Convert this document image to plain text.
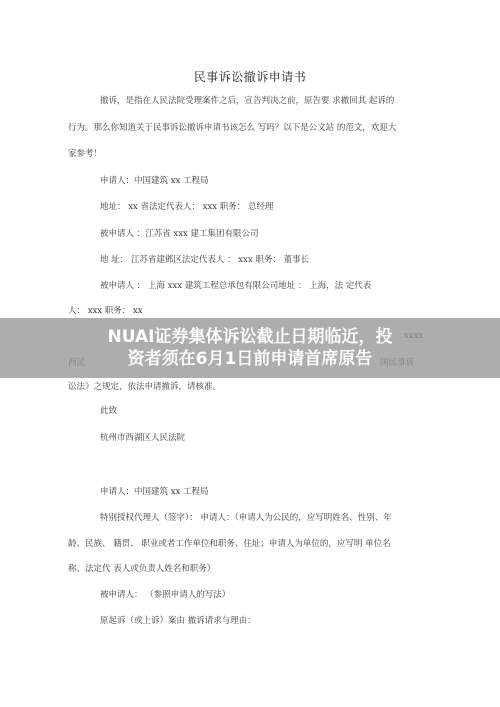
民事诉讼撤诉申请书
撤诉，是指在人民法院受理案件之后，宣告判决之前，原告要 求撤回其 起诉的
行为。那么你知道关于民事诉讼撤诉申请书该怎么 写吗？以下是公文站 的范文，欢迎大
家参考！
申请人：中国建筑 xx 工程局
地址： xx 省法定代表人： xxx 职务： 总经理
被申请人 ：江苏省 xxx 建工集团有限公司
地 址： 江苏省建邺区法定代表人 ： xxx 职务： 董事长
被申请人 ： 上海 xxx 建筑工程总承包有限公司地址 ： 上海，法 定代表
人： xxx 职务： xx
讼法》之规定，依法申请撤诉，请核准。
此致
杭州市西湖区人民法院
申请人：中国建筑 xx 工程局
特别授权代理人（签字）： 申请人：（申请人为公民的，应写明姓名、性别、年
龄、民族、 籍贯、 职业或者工作单位和职务、住址；申请人为单位的，应写明 单位名
称、法定代 表人或负责人姓名和职务）
被申请人： （参照申请人的写法）
原起诉（或上诉）案由 撤诉请求与理由：
NUAI证券集体诉讼截止日期临近，投
资者须在6月1日前申请首席原告
